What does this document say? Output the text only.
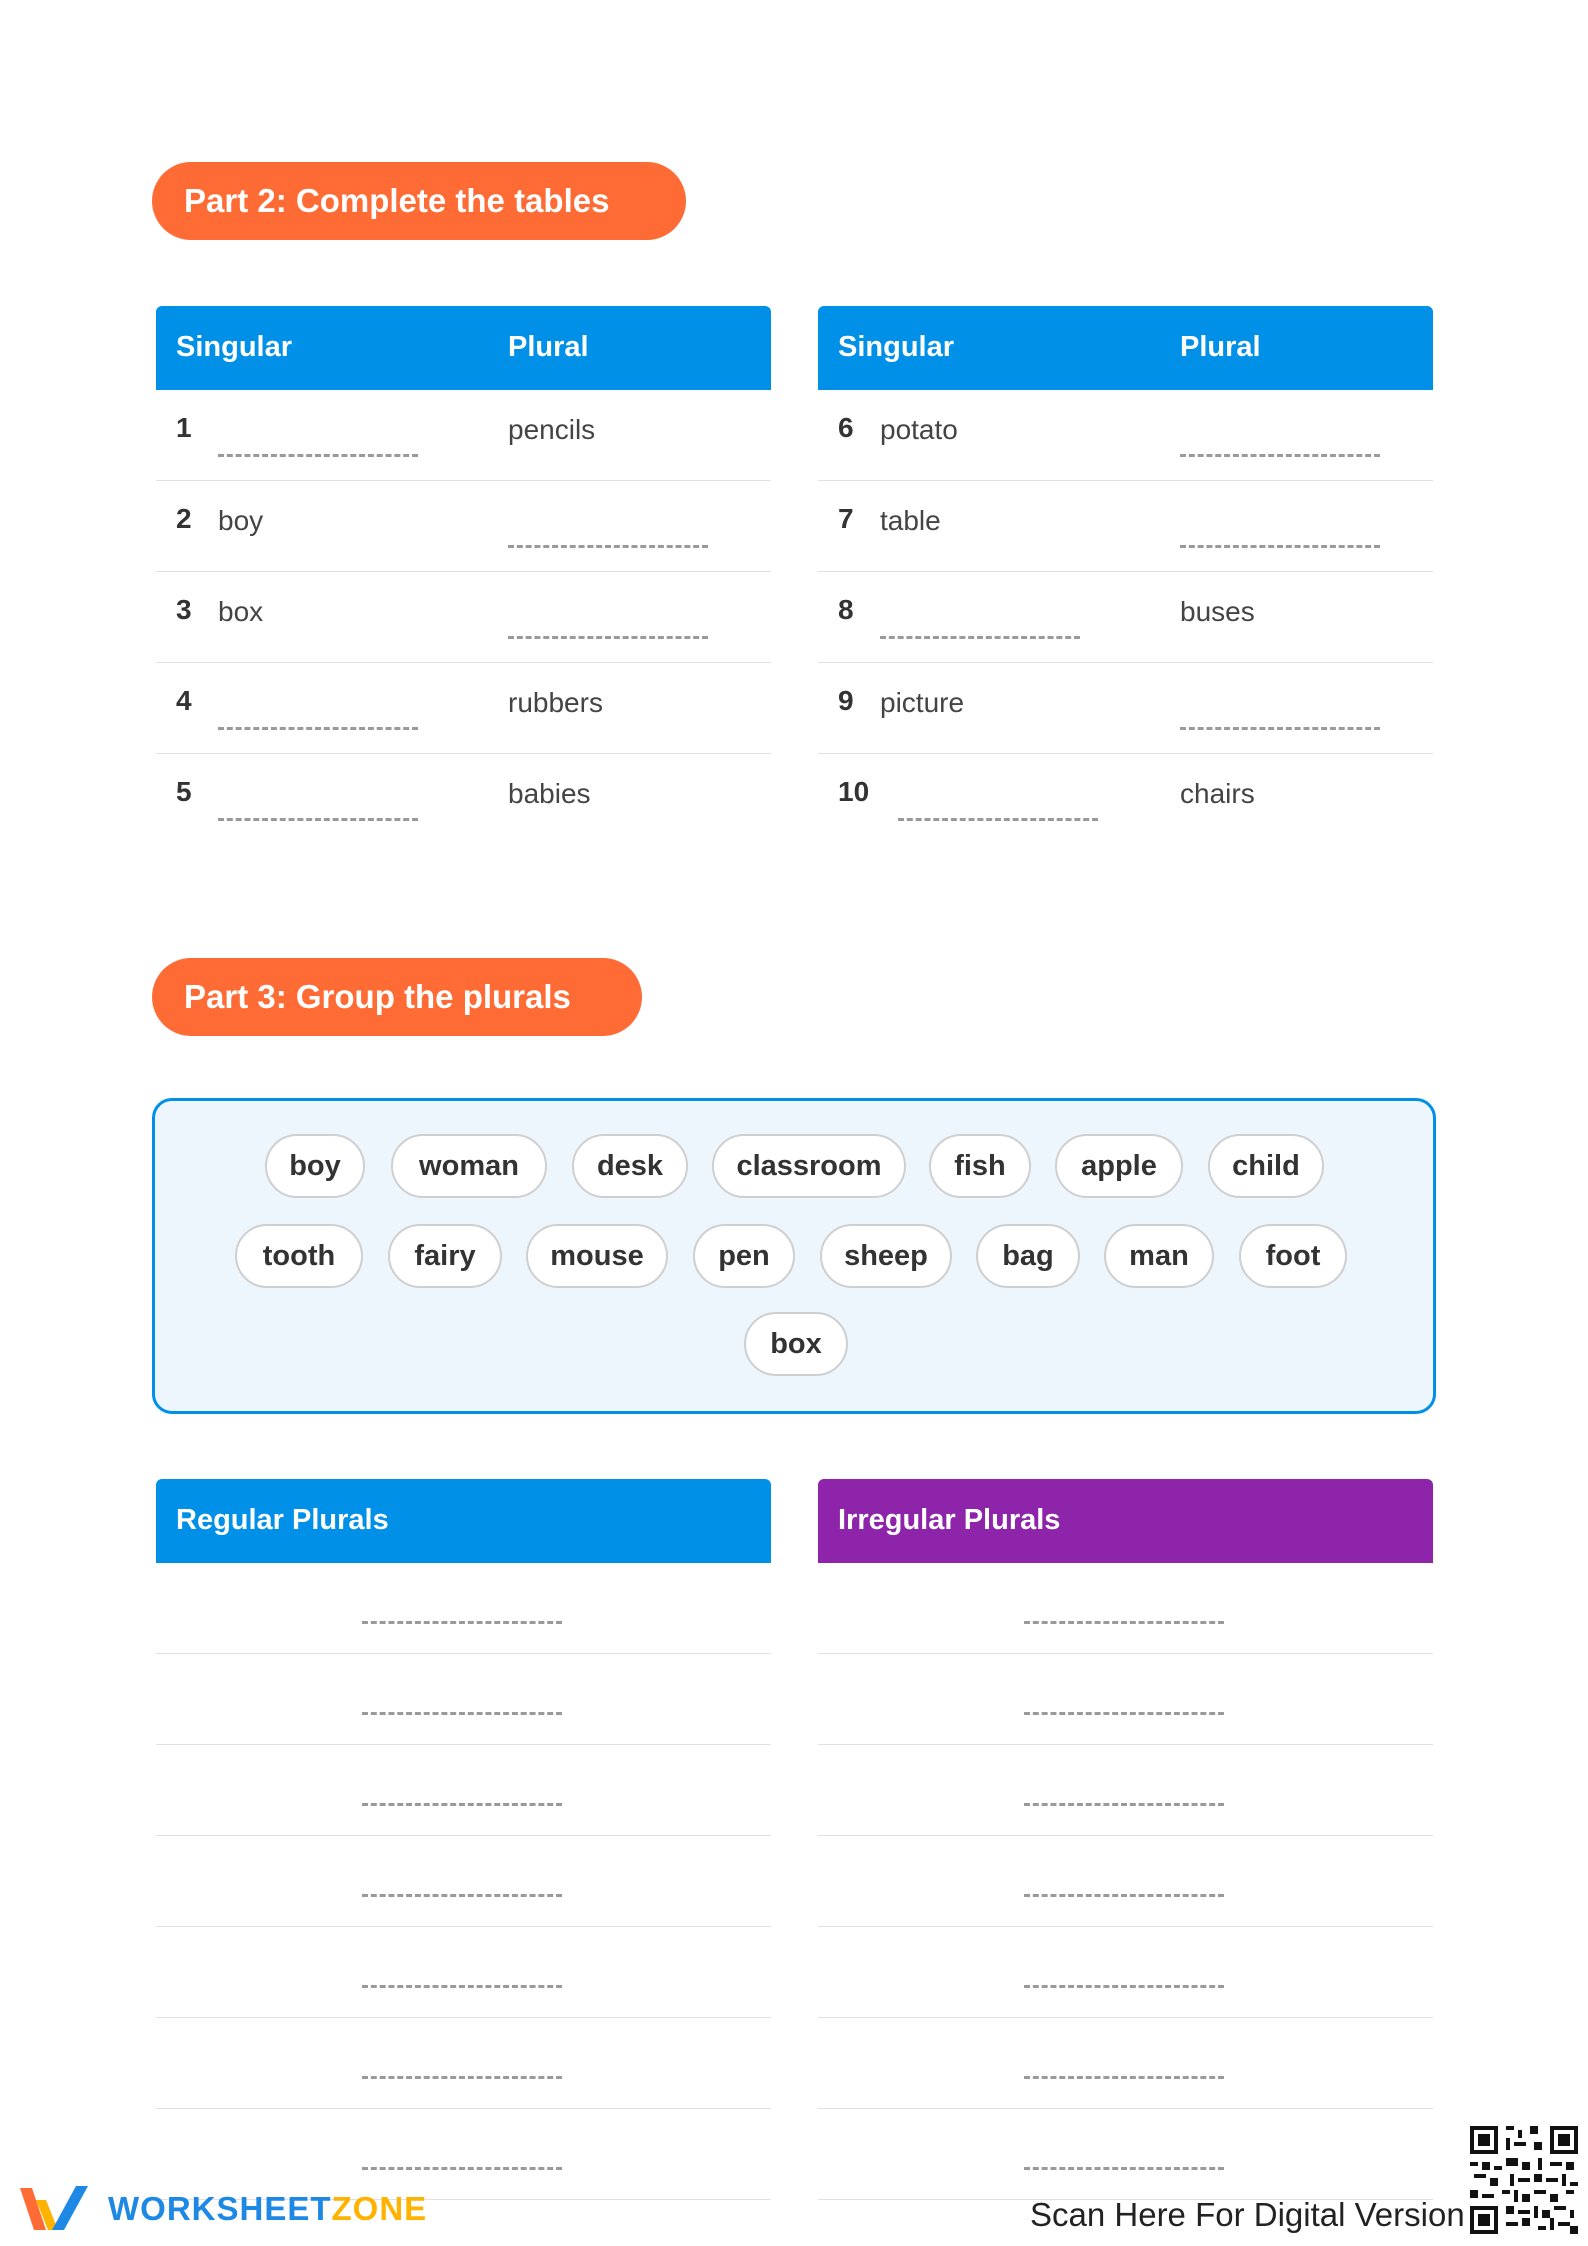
Part 2: Complete the tables
Singular	Plural
1	pencils
2 boy
3 box
4	rubbers
5	babies
Singular	Plural
6 potato
7 table
8	buses
9 picture
10	chairs
Part 3: Group the plurals
boy	woman	desk	classroom	fish	apple	child
tooth	fairy	mouse	pen	sheep	bag	man	foot
box
Regular Plurals	Irregular Plurals
WORKSHEETZONE	Scan Here For Digital Version
